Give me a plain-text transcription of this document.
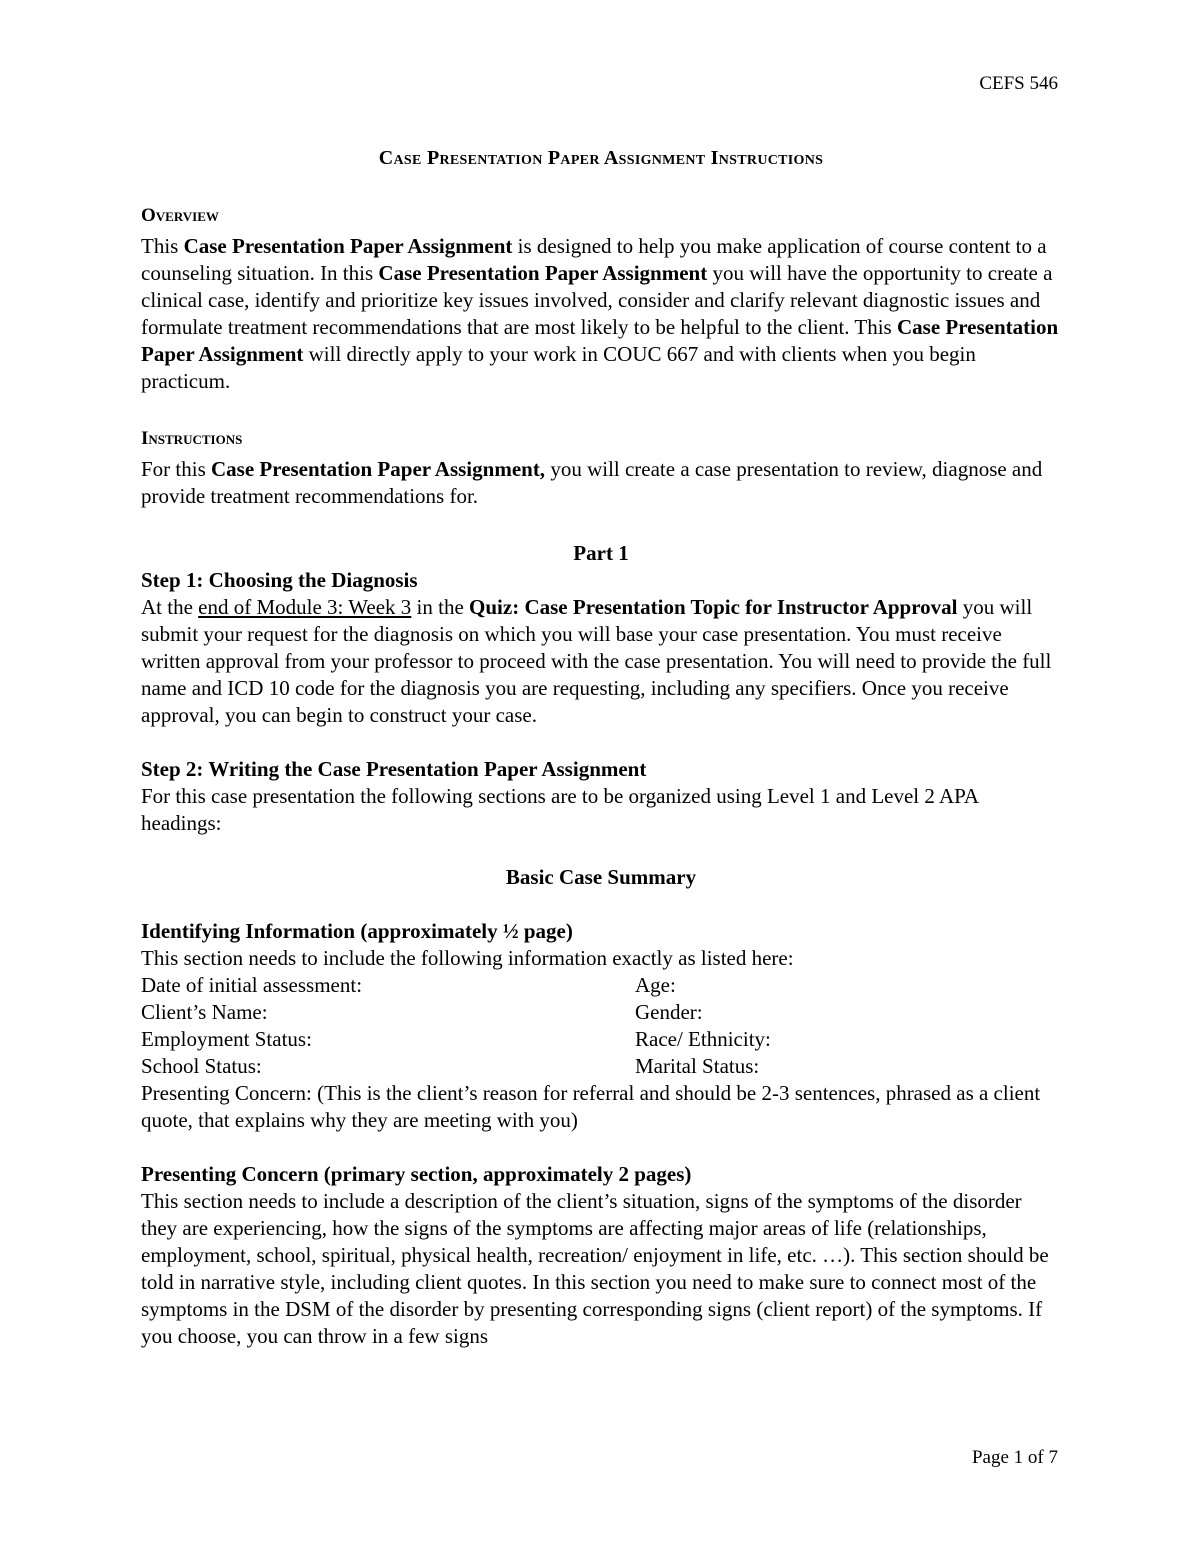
CEFS 546
Case Presentation Paper Assignment Instructions
Overview

This Case Presentation Paper Assignment is designed to help you make application of course content to a counseling situation. In this Case Presentation Paper Assignment you will have the opportunity to create a clinical case, identify and prioritize key issues involved, consider and clarify relevant diagnostic issues and formulate treatment recommendations that are most likely to be helpful to the client. This Case Presentation Paper Assignment will directly apply to your work in COUC 667 and with clients when you begin practicum.

Instructions

For this Case Presentation Paper Assignment, you will create a case presentation to review, diagnose and provide treatment recommendations for.

Part 1
Step 1: Choosing the Diagnosis

At the end of Module 3: Week 3 in the Quiz: Case Presentation Topic for Instructor Approval you will submit your request for the diagnosis on which you will base your case presentation. You must receive written approval from your professor to proceed with the case presentation. You will need to provide the full name and ICD 10 code for the diagnosis you are requesting, including any specifiers. Once you receive approval, you can begin to construct your case.

Step 2: Writing the Case Presentation Paper Assignment

For this case presentation the following sections are to be organized using Level 1 and Level 2 APA headings:

Basic Case Summary
Identifying Information (approximately ½ page)

This section needs to include the following information exactly as listed here:

Date of initial assessment:	Age:
Client’s Name:	Gender:
Employment Status:	Race/ Ethnicity:
School Status:	Marital Status:

Presenting Concern: (This is the client’s reason for referral and should be 2-3 sentences, phrased as a client quote, that explains why they are meeting with you)

Presenting Concern (primary section, approximately 2 pages)

This section needs to include a description of the client’s situation, signs of the symptoms of the disorder they are experiencing, how the signs of the symptoms are affecting major areas of life (relationships, employment, school, spiritual, physical health, recreation/ enjoyment in life, etc. …). This section should be told in narrative style, including client quotes. In this section you need to make sure to connect most of the symptoms in the DSM of the disorder by presenting corresponding signs (client report) of the symptoms. If you choose, you can throw in a few signs

Page 1 of 7
